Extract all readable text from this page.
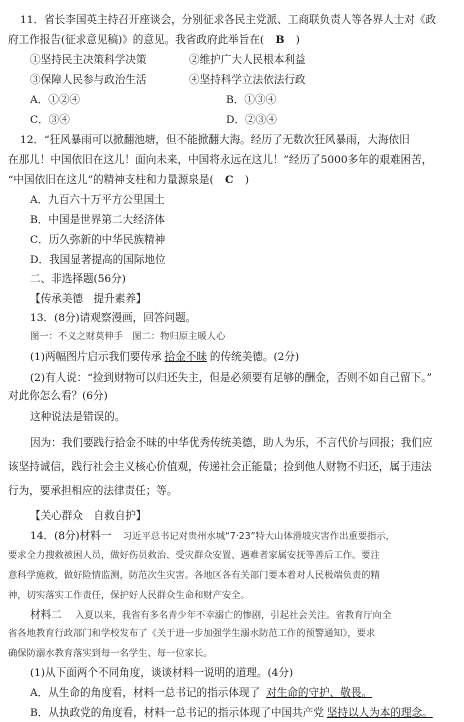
11．省长李国英主持召开座谈会，分别征求各民主党派、工商联负责人等各界人士对《政
府工作报告(征求意见稿)》的意见。我省政府此举旨在( B )
①坚持民主决策科学决策	②维护广大人民根本利益
③保障人民参与政治生活	④坚持科学立法依法行政
A．①②④	B．①③④
C．③④	D．②③④
12．“狂风暴雨可以掀翻池塘，但不能掀翻大海。经历了无数次狂风暴雨，大海依旧
在那儿！中国依旧在这儿！面向未来，中国将永远在这儿！”经历了5000多年的艰难困苦，
“中国依旧在这儿”的精神支柱和力量源泉是( C )
A．九百六十万平方公里国土
B．中国是世界第二大经济体
C．历久弥新的中华民族精神
D．我国显著提高的国际地位
二、非选择题(56分)
【传承美德　提升素养】
13．(8分)请观察漫画，回答问题。
图一：不义之财莫伸手　图二：物归原主暖人心
(1)两幅图片启示我们要传承 拾金不昧 的传统美德。(2分)
(2)有人说：“捡到财物可以归还失主，但是必须要有足够的酬金，否则不如自己留下。”
对此你怎么看？(6分)
这种说法是错误的。
因为：我们要践行拾金不昧的中华优秀传统美德，助人为乐，不言代价与回报；我们应
该坚持诚信，践行社会主义核心价值观，传递社会正能量；捡到他人财物不归还，属于违法
行为，要承担相应的法律责任；等。
【关心群众　自救自护】
14．(8分)材料一 习近平总书记对贵州水城“7·23”特大山体滑坡灾害作出重要指示，
要求全力搜救被困人员，做好伤员救治、受灾群众安置、遇难者家属安抚等善后工作。要注
意科学施救，做好险情监测，防范次生灾害。各地区各有关部门要本着对人民极端负责的精
神，切实落实工作责任，保护好人民群众生命和财产安全。
材料二 入夏以来，我省有多名青少年不幸溺亡的惨剧，引起社会关注。省教育厅向全
省各地教育行政部门和学校发布了《关于进一步加强学生溺水防范工作的预警通知》，要求
确保防溺水教育落实到每一名学生、每一位家长。
(1)从下面两个不同角度，谈谈材料一说明的道理。(4分)
A．从生命的角度看，材料一总书记的指示体现了 对生命的守护、敬畏。
B．从执政党的角度看，材料一总书记的指示体现了中国共产党 坚持以人为本的理念。
